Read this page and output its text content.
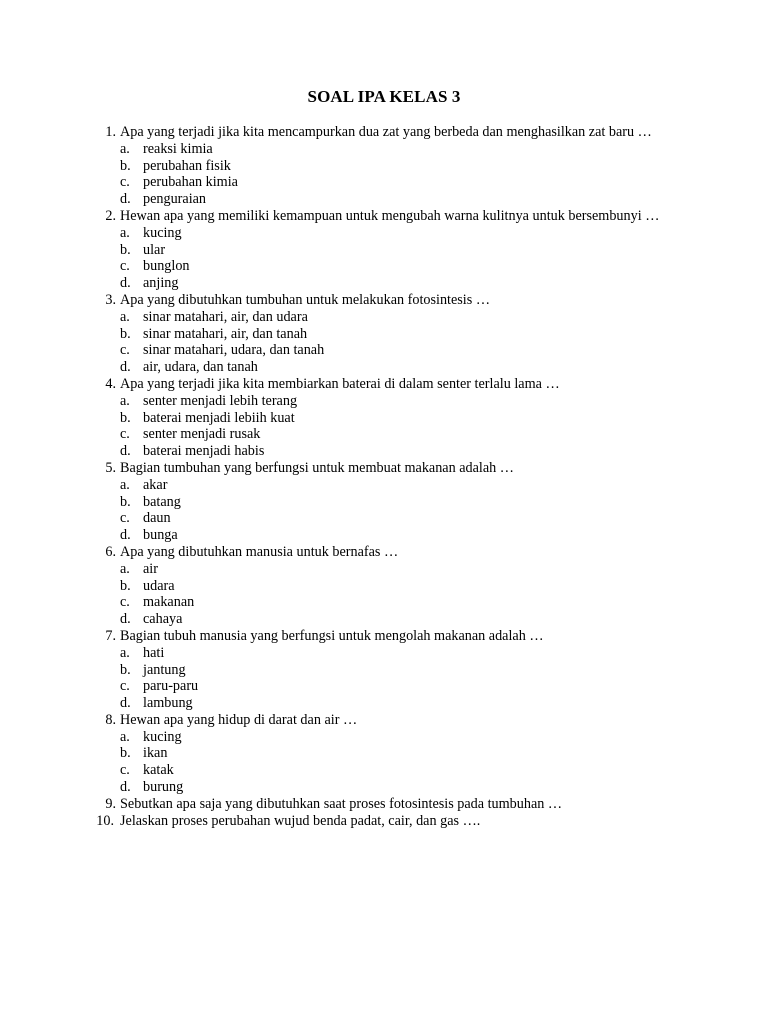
SOAL IPA KELAS 3
1. Apa yang terjadi jika kita mencampurkan dua zat yang berbeda dan menghasilkan zat baru …
a. reaksi kimia
b. perubahan fisik
c. perubahan kimia
d. penguraian
2. Hewan apa yang memiliki kemampuan untuk mengubah warna kulitnya untuk bersembunyi …
a. kucing
b. ular
c. bunglon
d. anjing
3. Apa yang dibutuhkan tumbuhan untuk melakukan fotosintesis …
a. sinar matahari, air, dan udara
b. sinar matahari, air, dan tanah
c. sinar matahari, udara, dan tanah
d. air, udara, dan tanah
4. Apa yang terjadi jika kita membiarkan baterai di dalam senter terlalu lama …
a. senter menjadi lebih terang
b. baterai menjadi lebiih kuat
c. senter menjadi rusak
d. baterai menjadi habis
5. Bagian tumbuhan yang berfungsi untuk membuat makanan adalah …
a. akar
b. batang
c. daun
d. bunga
6. Apa yang dibutuhkan manusia untuk bernafas …
a. air
b. udara
c. makanan
d. cahaya
7. Bagian tubuh manusia yang berfungsi untuk mengolah makanan adalah …
a. hati
b. jantung
c. paru-paru
d. lambung
8. Hewan apa yang hidup di darat dan air …
a. kucing
b. ikan
c. katak
d. burung
9. Sebutkan apa saja yang dibutuhkan saat proses fotosintesis pada tumbuhan …
10. Jelaskan proses perubahan wujud benda padat, cair, dan gas ….
